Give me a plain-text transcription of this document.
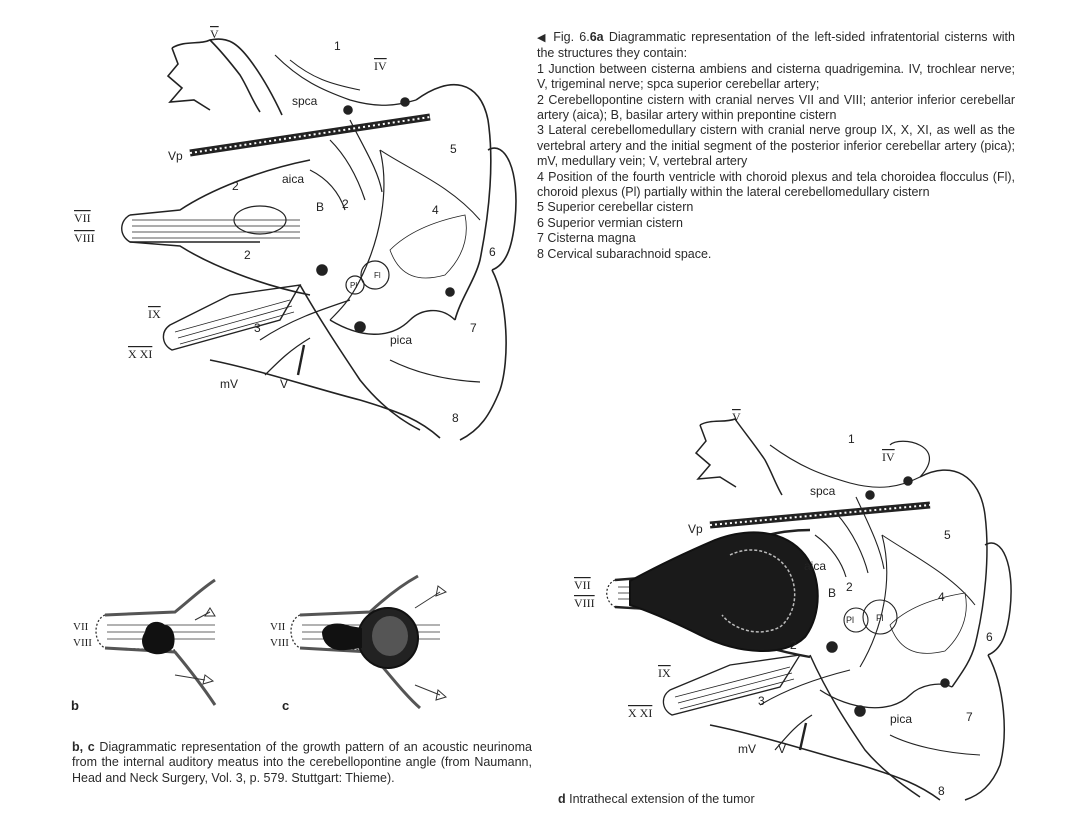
V
1
IV
spca
Vp	5
aica
2
B 2	4
VII
VIII
2	6
Pl
Fl
IX
3	7
pica
X XI
mV	V
8

◀ Fig. 6.6a Diagrammatic representation of the left-sided infratentorial cisterns with the structures they contain:

1 Junction between cisterna ambiens and cisterna quadrigemina. IV, trochlear nerve; V, trigeminal nerve; spca superior cerebellar artery;

2 Cerebellopontine cistern with cranial nerves VII and VIII; anterior inferior cerebellar artery (aica); B, basilar artery within prepontine cistern

3 Lateral cerebellomedullary cistern with cranial nerve group IX, X, XI, as well as the vertebral artery and the initial segment of the posterior inferior cerebellar artery (pica); mV, medullary vein; V, vertebral artery

4 Position of the fourth ventricle with choroid plexus and tela choroidea flocculus (Fl), choroid plexus (Pl) partially within the lateral cerebellomedullary cistern

5 Superior cerebellar cistern

6 Superior vermian cistern

7 Cisterna magna

8 Cervical subarachnoid space.

VII
VIII
b
VII
VIII
c

b, c Diagrammatic representation of the growth pattern of an acoustic neurinoma from the internal auditory meatus into the cerebellopontine angle (from Naumann, Head and Neck Surgery, Vol. 3, p. 579. Stuttgart: Thieme).

V
1
IV
spca
Vp	5
aica
2
B	4
VII
VIII
Pl Fl
6
2
IX
3
X XI	pica	7
mV V
8

d Intrathecal extension of the tumor
